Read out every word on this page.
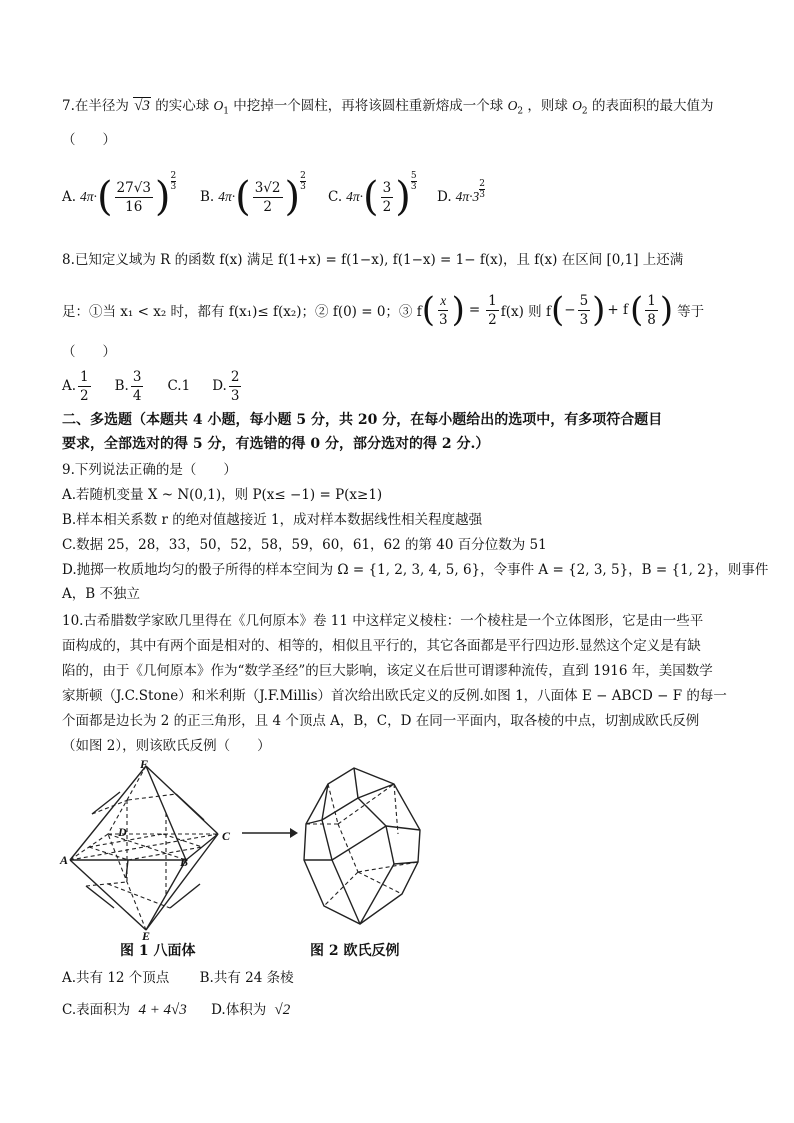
7.在半径为 √3 的实心球 $O_1$ 中挖掉一个圆柱，再将该圆柱重新熔成一个球 $O_2$ ，则球 $O_2$ 的表面积的最大值为
（　　）
A. 4π· ( $\frac{27√3}{16}$ ) $\frac{2}{3}$
B. 4π· ( $\frac{3√2}{2}$ ) $\frac{2}{3}$
C. 4π· ( $\frac{3}{2}$ ) $\frac{5}{3}$
D. $4\pi\cdot 3 \frac{2}{3}$
8.已知定义域为 R 的函数 f(x) 满足 f(1+x) = f(1−x), f(1−x) = 1− f(x)，且 f(x) 在区间 [0,1] 上还满
足：①当 x₁ < x₂ 时，都有 f(x₁)≤ f(x₂)；② f(0) = 0；③ f ( $\frac{x}{3}$ ) = $\frac{1}{2} f(x)$ 则 f ( − $\frac{5}{3}$ ) + f ( $\frac{1}{8}$ ) 等于
（　　）
A. $\frac{1}{2} B$. $\frac{3}{4} C.1$ D. $\frac{2}{3}$
二、多选题（本题共 4 小题，每小题 5 分，共 20 分，在每小题给出的选项中，有多项符合题目
要求，全部选对的得 5 分，有选错的得 0 分，部分选对的得 2 分.）
9.下列说法正确的是（　　）
A.若随机变量 X ~ N(0,1)，则 P(x≤ −1) = P(x≥1)
B.样本相关系数 r 的绝对值越接近 1，成对样本数据线性相关程度越强
C.数据 25，28，33，50，52，58，59，60，61，62 的第 40 百分位数为 51
D.抛掷一枚质地均匀的骰子所得的样本空间为 Ω = {1, 2, 3, 4, 5, 6}，令事件 A = {2, 3, 5}，B = {1, 2}，则事件
A，B 不独立
10.古希腊数学家欧几里得在《几何原本》卷 11 中这样定义棱柱：一个棱柱是一个立体图形，它是由一些平
面构成的，其中有两个面是相对的、相等的，相似且平行的，其它各面都是平行四边形.显然这个定义是有缺
陷的，由于《几何原本》作为“数学圣经”的巨大影响，该定义在后世可谓谬种流传，直到 1916 年，美国数学
家斯顿（J.C.Stone）和米利斯（J.F.Millis）首次给出欧氏定义的反例.如图 1，八面体 E − ABCD − F 的每一
个面都是边长为 2 的正三角形，且 4 个顶点 A，B，C，D 在同一平面内，取各棱的中点，切割成欧氏反例
（如图 2），则该欧氏反例（　　）
F
D	C
A	B
E
图 1 八面体	图 2 欧氏反例
A.共有 12 个顶点 B.共有 24 条棱
C.表面积为 4 + 4√3 D.体积为 √2
